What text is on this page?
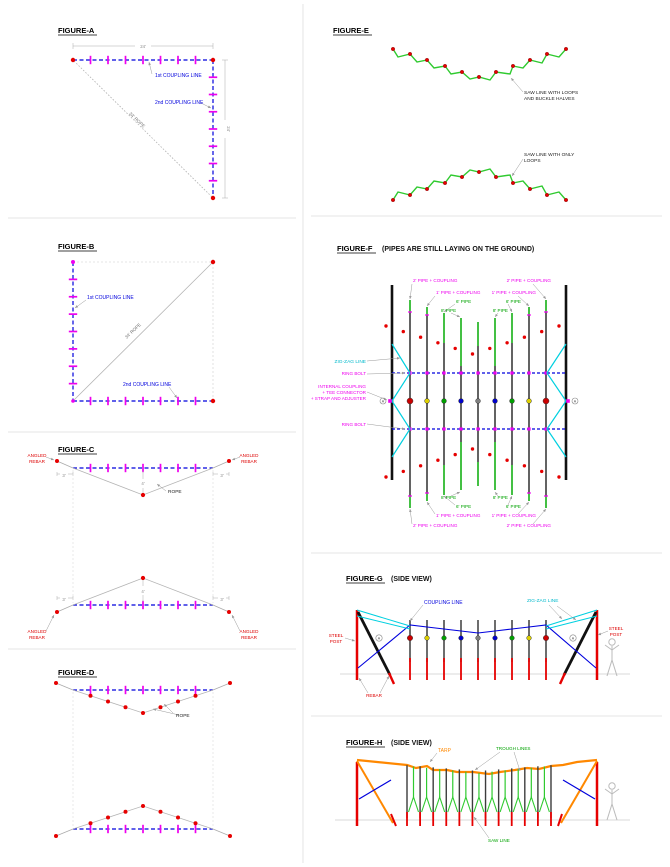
FIGURE-A
24'
24'
34' ROPE
1st COUPLING LINE
2nd COUPLING LINE
FIGURE-B
34' ROPE
1st COUPLING LINE
2nd COUPLING LINE
FIGURE-C
ANGLED
REBAR
ANGLED
REBAR
3'	3'
4'
ROPE
3'	3'
4'
ANGLED
REBAR
ANGLED
REBAR
FIGURE-D
ROPE
FIGURE-E
SAW LINE WITH LOOPS
AND BUCKLE HALVES
SAW LINE WITH ONLY
LOOPS
FIGURE-F (PIPES ARE STILL LAYING ON THE GROUND)
2' PIPE + COUPLING	2' PIPE + COUPLING
1' PIPE + COUPLING 1' PIPE + COUPLING
6' PIPE	6' PIPE
8' PIPE	8' PIPE
ZIG-ZAG LINE
RING BOLT
INTERNAL COUPLING
+ TEE CONNECTOR
+ STRAP AND ADJUSTER
RING BOLT
A	A
8' PIPE	8' PIPE
6' PIPE	6' PIPE
1' PIPE + COUPLING 1' PIPE + COUPLING
2' PIPE + COUPLING	2' PIPE + COUPLING
FIGURE-G (SIDE VIEW)
COUPLING LINE	ZIG-ZAG LINE
STEEL
POST
STEEL
POST
REBAR
A	A
FIGURE-H (SIDE VIEW)
TARP	TROUGH LINES
SAW LINE
